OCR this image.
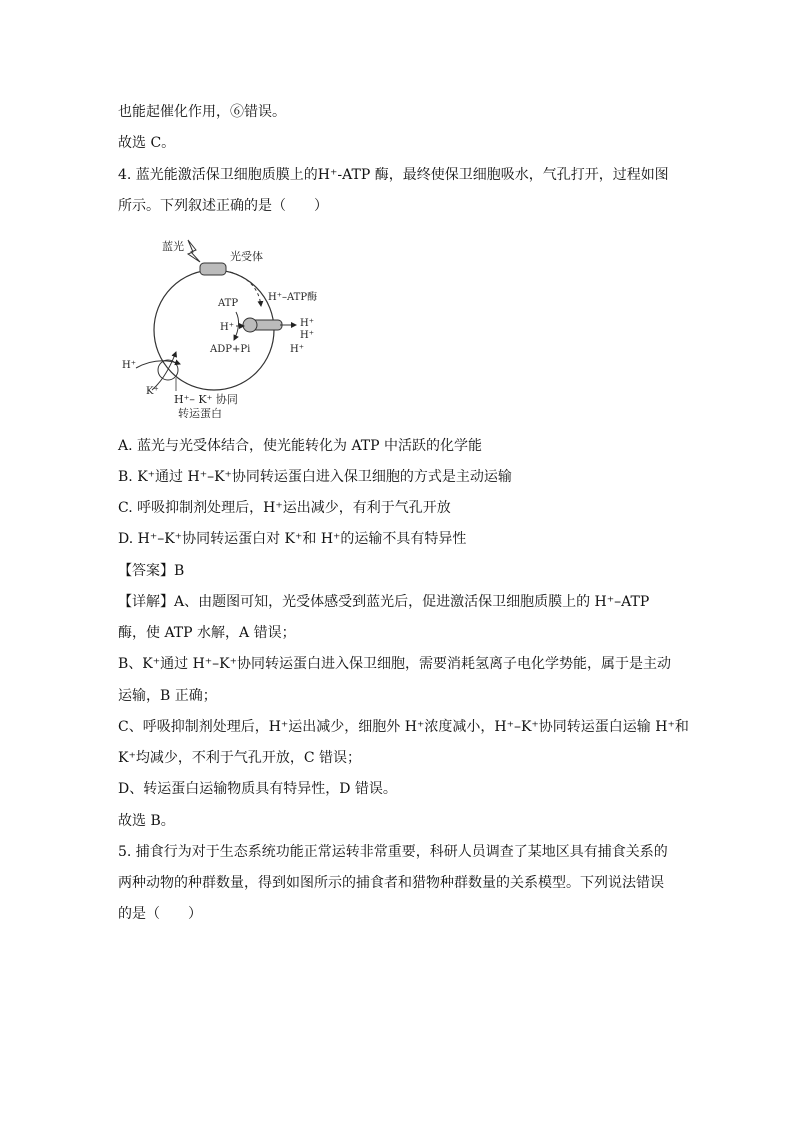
也能起催化作用，⑥错误。
故选 C。
4. 蓝光能激活保卫细胞质膜上的H⁺-ATP 酶，最终使保卫细胞吸水，气孔打开，过程如图
所示。下列叙述正确的是（　　）
蓝光
光受体
ATP
H⁺–ATP酶
H⁺
ADP+Pi
H⁺
H⁺
H⁺
H⁺
K⁺
H⁺– K⁺ 协同
转运蛋白
A. 蓝光与光受体结合，使光能转化为 ATP 中活跃的化学能
B. K⁺通过 H⁺–K⁺协同转运蛋白进入保卫细胞的方式是主动运输
C. 呼吸抑制剂处理后，H⁺运出减少，有利于气孔开放
D. H⁺–K⁺协同转运蛋白对 K⁺和 H⁺的运输不具有特异性
【答案】B
【详解】A、由题图可知，光受体感受到蓝光后，促进激活保卫细胞质膜上的 H⁺–ATP
酶，使 ATP 水解，A 错误；
B、K⁺通过 H⁺–K⁺协同转运蛋白进入保卫细胞，需要消耗氢离子电化学势能，属于是主动
运输，B 正确；
C、呼吸抑制剂处理后，H⁺运出减少，细胞外 H⁺浓度减小，H⁺–K⁺协同转运蛋白运输 H⁺和
K⁺均减少，不利于气孔开放，C 错误；
D、转运蛋白运输物质具有特异性，D 错误。
故选 B。
5. 捕食行为对于生态系统功能正常运转非常重要，科研人员调查了某地区具有捕食关系的
两种动物的种群数量，得到如图所示的捕食者和猎物种群数量的关系模型。下列说法错误
的是（　　）
